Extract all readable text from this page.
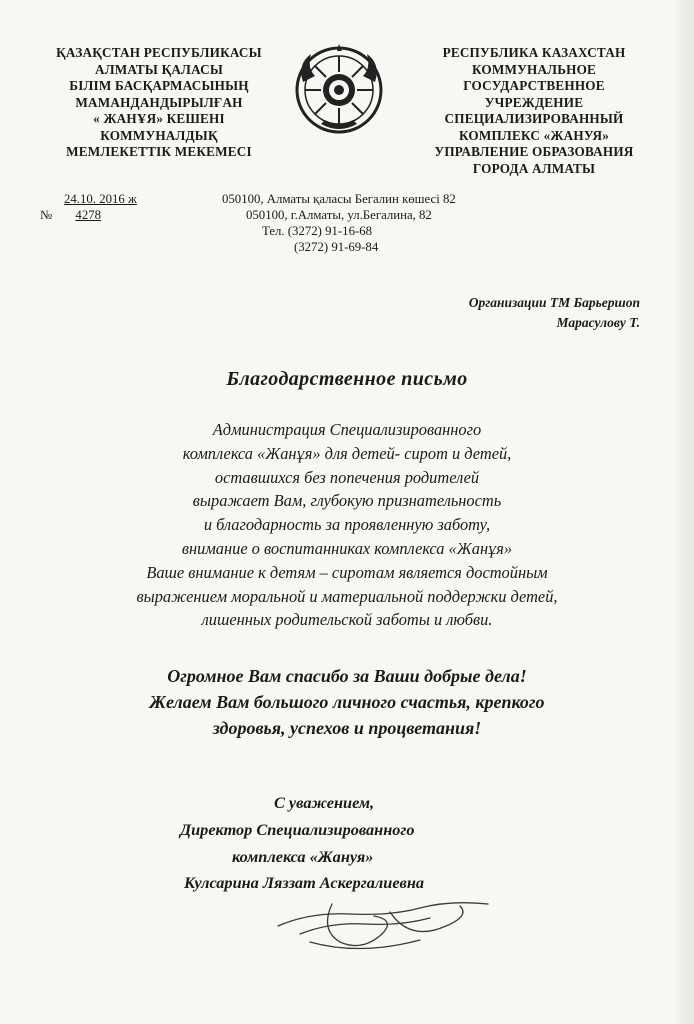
ҚАЗАҚСТАН РЕСПУБЛИКАСЫ
АЛМАТЫ ҚАЛАСЫ
БІЛІМ БАСҚАРМАСЫНЫҢ
МАМАНДАНДЫРЫЛҒАН
« ЖАНҰЯ» КЕШЕНІ
КОММУНАЛДЫҚ
МЕМЛЕКЕТТІК МЕКЕМЕСІ
РЕСПУБЛИКА КАЗАХСТАН
КОММУНАЛЬНОЕ
ГОСУДАРСТВЕННОЕ
УЧРЕЖДЕНИЕ
СПЕЦИАЛИЗИРОВАННЫЙ
КОМПЛЕКС «ЖАНУЯ»
УПРАВЛЕНИЕ ОБРАЗОВАНИЯ
ГОРОДА АЛМАТЫ
24.10. 2016 ж
№ 4278
050100, Алматы қаласы Бегалин көшесі 82
050100, г.Алматы, ул.Бегалина, 82
Тел. (3272) 91-16-68
(3272) 91-69-84
Организации ТМ Барьершоп
Марасулову Т.
Благодарственное письмо
Администрация Специализированного
комплекса «Жанұя» для детей- сирот и детей,
оставшихся без попечения родителей
выражает Вам, глубокую признательность
и благодарность за проявленную заботу,
внимание о воспитанниках комплекса «Жанұя»
Ваше внимание к детям – сиротам является достойным
выражением моральной и материальной поддержки детей,
лишенных родительской заботы и любви.
Огромное Вам спасибо за Ваши добрые дела!
Желаем Вам большого личного счастья, крепкого
здоровья, успехов и процветания!
С уважением,
Директор Специализированного
комплекса «Жануя»
Кулсарина Ляззат Аскергалиевна
